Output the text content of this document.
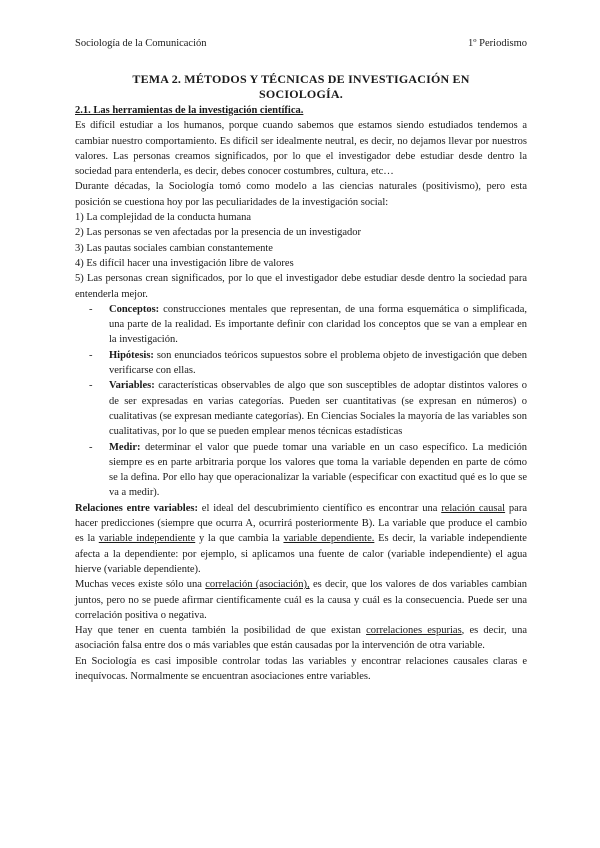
Sociología de la Comunicación	1º Periodismo
TEMA 2. MÉTODOS Y TÉCNICAS DE INVESTIGACIÓN EN SOCIOLOGÍA.

2.1. Las herramientas de la investigación científica.

Es difícil estudiar a los humanos, porque cuando sabemos que estamos siendo estudiados tendemos a cambiar nuestro comportamiento. Es difícil ser idealmente neutral, es decir, no dejamos llevar por nuestros valores. Las personas creamos significados, por lo que el investigador debe estudiar desde dentro la sociedad para entenderla, es decir, debes conocer costumbres, cultura, etc…

Durante décadas, la Sociología tomó como modelo a las ciencias naturales (positivismo), pero esta posición se cuestiona hoy por las peculiaridades de la investigación social:

1) La complejidad de la conducta humana

2) Las personas se ven afectadas por la presencia de un investigador

3) Las pautas sociales cambian constantemente

4) Es difícil hacer una investigación libre de valores

5) Las personas crean significados, por lo que el investigador debe estudiar desde dentro la sociedad para entenderla mejor.

- Conceptos: construcciones mentales que representan, de una forma esquemática o simplificada, una parte de la realidad. Es importante definir con claridad los conceptos que se van a emplear en la investigación.
- Hipótesis: son enunciados teóricos supuestos sobre el problema objeto de investigación que deben verificarse con ellas.
- Variables: características observables de algo que son susceptibles de adoptar distintos valores o de ser expresadas en varias categorías. Pueden ser cuantitativas (se expresan en números) o cualitativas (se expresan mediante categorías). En Ciencias Sociales la mayoría de las variables son cualitativas, por lo que se pueden emplear menos técnicas estadísticas
- Medir: determinar el valor que puede tomar una variable en un caso específico. La medición siempre es en parte arbitraria porque los valores que toma la variable dependen en parte de cómo se la defina. Por ello hay que operacionalizar la variable (especificar con exactitud qué es lo que se va a medir).

Relaciones entre variables: el ideal del descubrimiento científico es encontrar una relación causal para hacer predicciones (siempre que ocurra A, ocurrirá posteriormente B). La variable que produce el cambio es la variable independiente y la que cambia la variable dependiente. Es decir, la variable independiente afecta a la dependiente: por ejemplo, si aplicamos una fuente de calor (variable independiente) el agua hierve (variable dependiente).

Muchas veces existe sólo una correlación (asociación), es decir, que los valores de dos variables cambian juntos, pero no se puede afirmar científicamente cuál es la causa y cuál es la consecuencia. Puede ser una correlación positiva o negativa.

Hay que tener en cuenta también la posibilidad de que existan correlaciones espurias, es decir, una asociación falsa entre dos o más variables que están causadas por la intervención de otra variable.

En Sociología es casi imposible controlar todas las variables y encontrar relaciones causales claras e inequívocas. Normalmente se encuentran asociaciones entre variables.
